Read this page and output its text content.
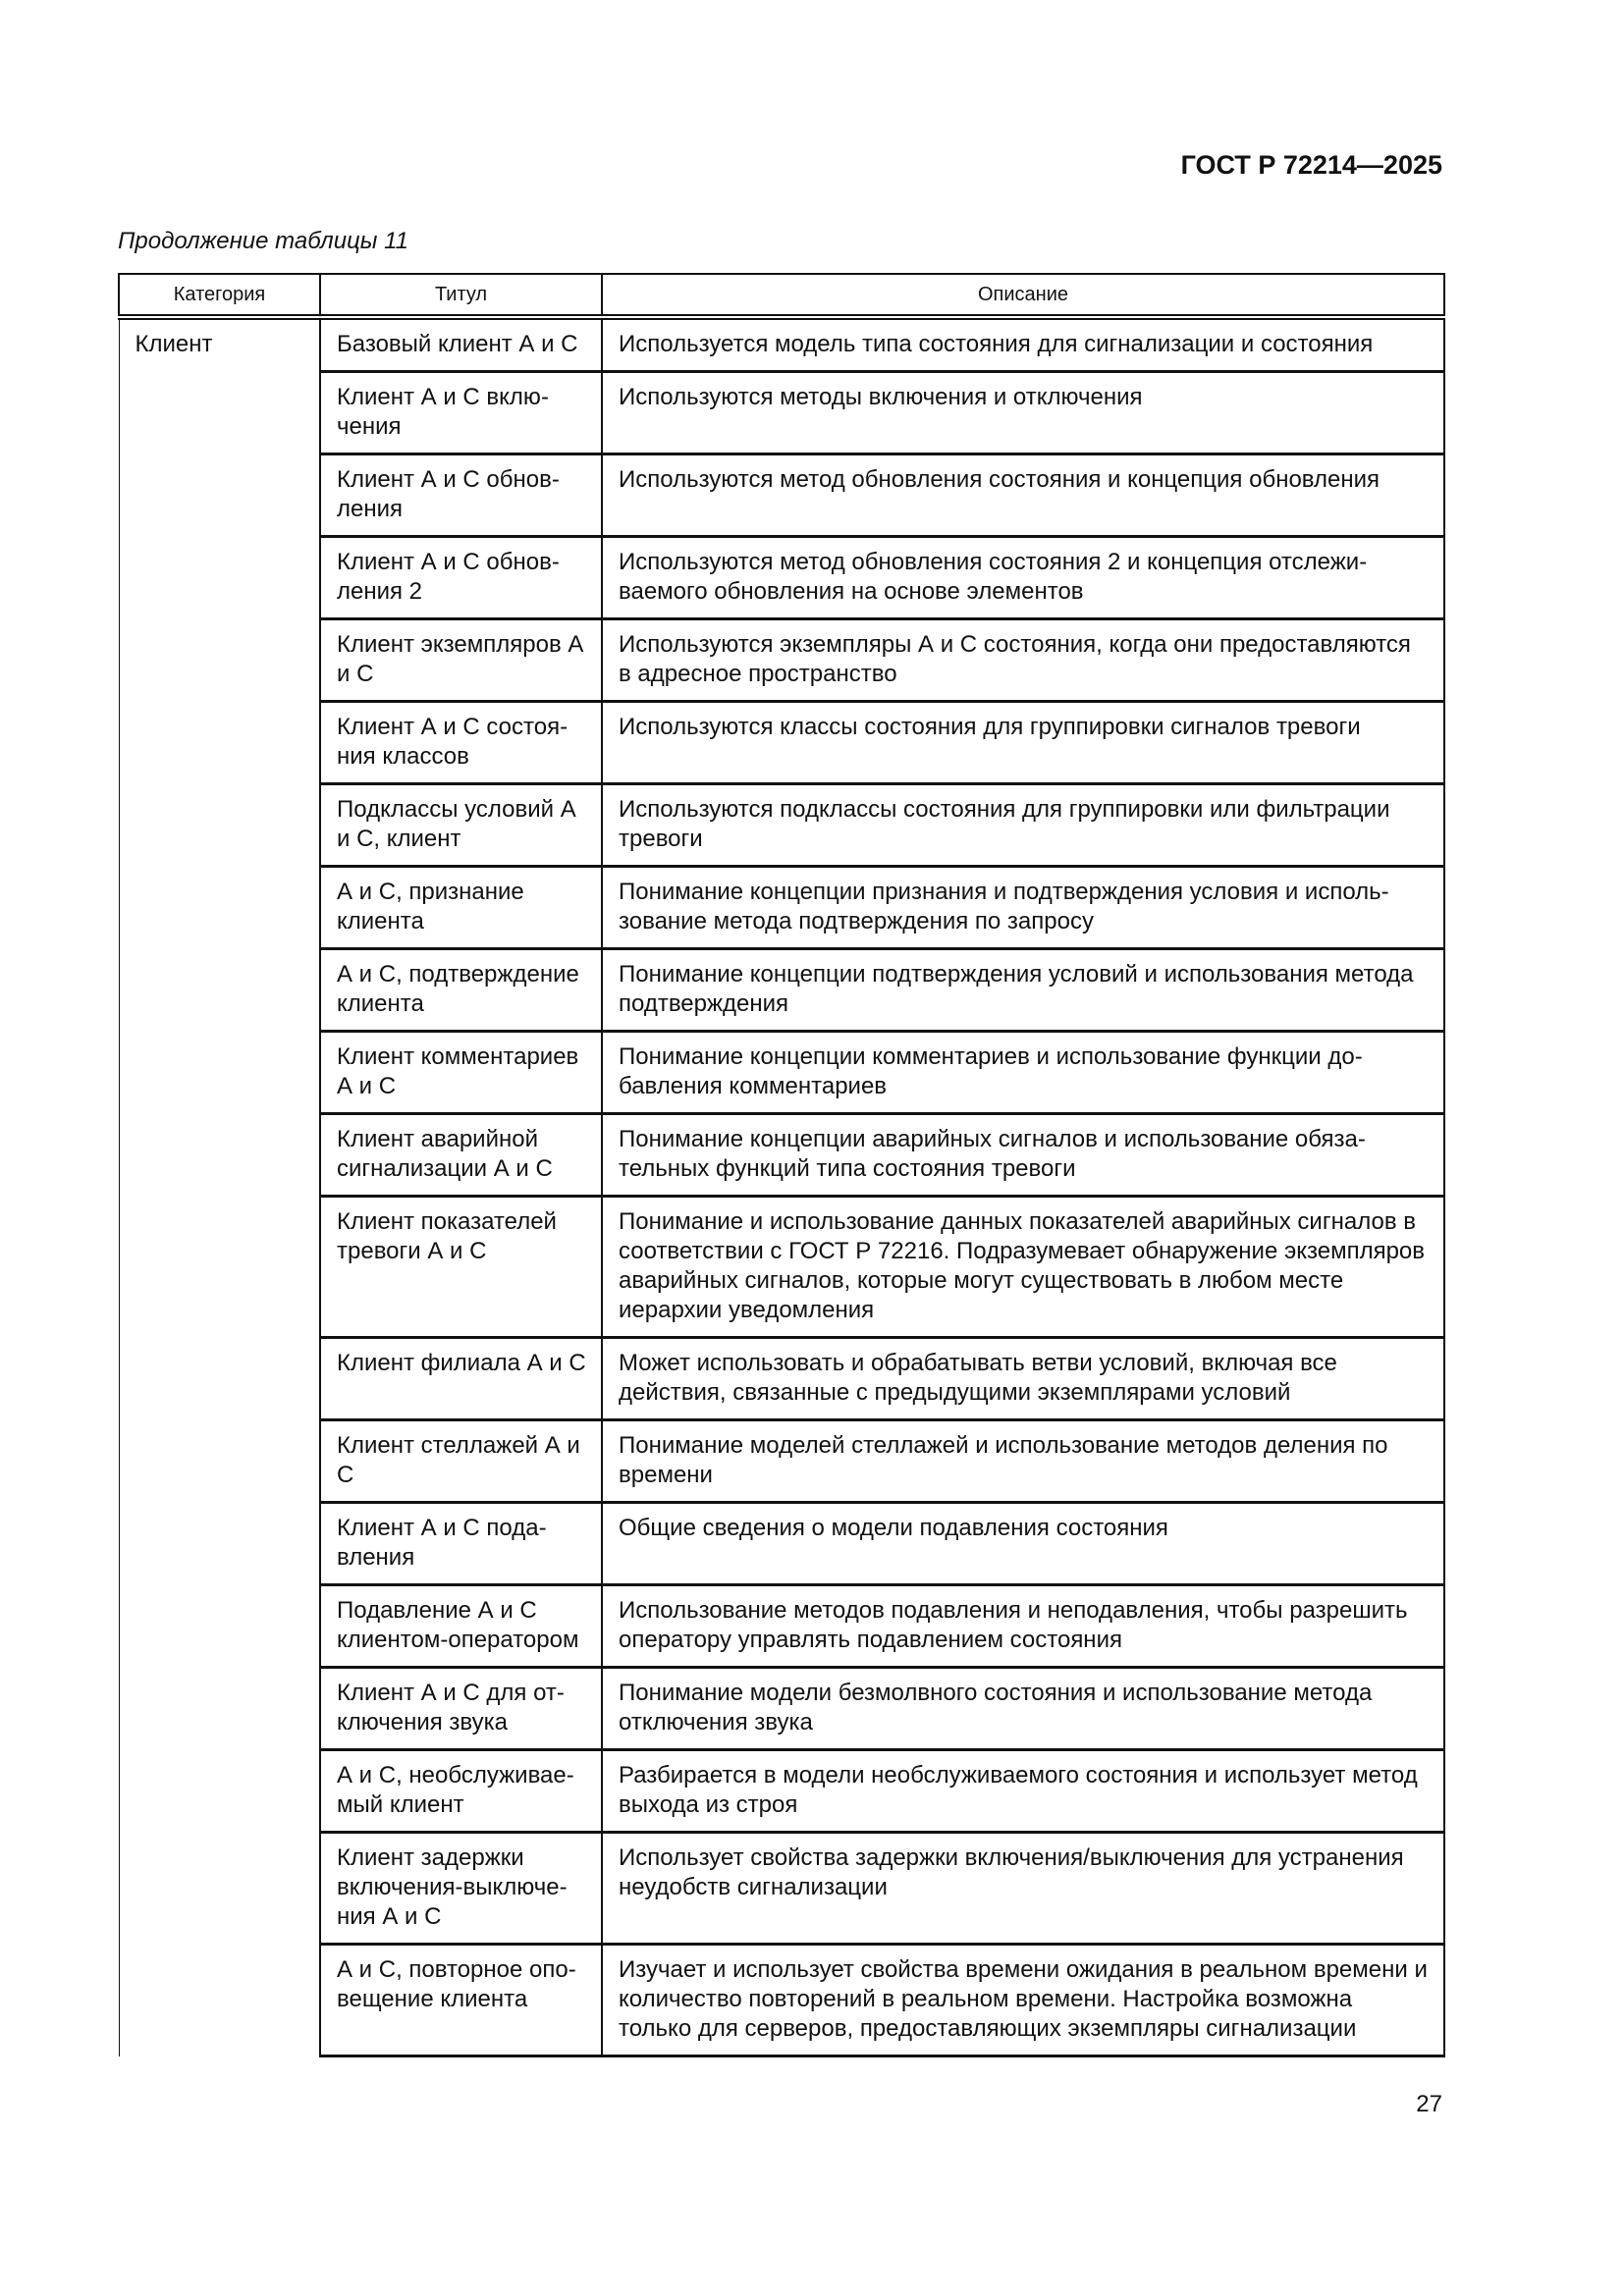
ГОСТ Р 72214—2025
Продолжение таблицы 11
Категория	Титул	Описание
Клиент	Базовый клиент А и С	Используется модель типа состояния для сигнализации и состояния
	Клиент А и С включения	Используются методы включения и отключения
	Клиент А и С обновления	Используются метод обновления состояния и концепция обновления
	Клиент А и С обновления 2	Используются метод обновления состояния 2 и концепция отслеживаемого обновления на основе элементов
	Клиент экземпляров А и С	Используются экземпляры А и С состояния, когда они предоставляются в адресное пространство
	Клиент А и С состояния классов	Используются классы состояния для группировки сигналов тревоги
	Подклассы условий А и С, клиент	Используются подклассы состояния для группировки или фильтрации тревоги
	А и С, признание клиента	Понимание концепции признания и подтверждения условия и использование метода подтверждения по запросу
	А и С, подтверждение клиента	Понимание концепции подтверждения условий и использования метода подтверждения
	Клиент комментариев А и С	Понимание концепции комментариев и использование функции добавления комментариев
	Клиент аварийной сигнализации А и С	Понимание концепции аварийных сигналов и использование обязательных функций типа состояния тревоги
	Клиент показателей тревоги А и С	Понимание и использование данных показателей аварийных сигналов в соответствии с ГОСТ Р 72216. Подразумевает обнаружение экземпляров аварийных сигналов, которые могут существовать в любом месте иерархии уведомления
	Клиент филиала А и С	Может использовать и обрабатывать ветви условий, включая все действия, связанные с предыдущими экземплярами условий
	Клиент стеллажей А и С	Понимание моделей стеллажей и использование методов деления по времени
	Клиент А и С подавления	Общие сведения о модели подавления состояния
	Подавление А и С клиентом-оператором	Использование методов подавления и неподавления, чтобы разрешить оператору управлять подавлением состояния
	Клиент А и С для отключения звука	Понимание модели безмолвного состояния и использование метода отключения звука
	А и С, необслуживаемый клиент	Разбирается в модели необслуживаемого состояния и использует метод выхода из строя
	Клиент задержки включения-выключения А и С	Использует свойства задержки включения/выключения для устранения неудобств сигнализации
	А и С, повторное оповещение клиента	Изучает и использует свойства времени ожидания в реальном времени и количество повторений в реальном времени. Настройка возможна только для серверов, предоставляющих экземпляры сигнализации
27
